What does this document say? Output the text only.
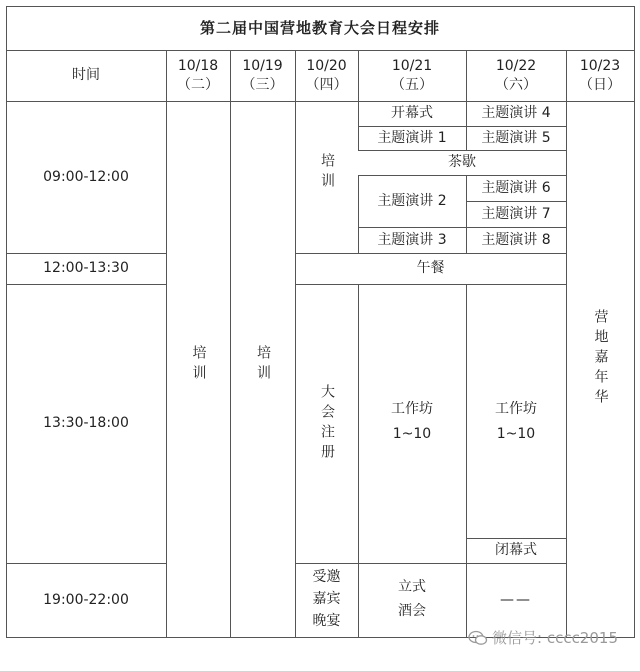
第二届中国营地教育大会日程安排
时间
10/18
（二）
10/19
（三）
10/20
（四）
10/21
（五）
10/22
（六）
10/23
（日）
09:00-12:00
12:00-13:30
13:30-18:00
19:00-22:00
培训	培训
培训
开幕式
主题演讲 1
茶歇
主题演讲 2
主题演讲 3
主题演讲 4
主题演讲 5
主题演讲 6
主题演讲 7
主题演讲 8
午餐
大会注册	工作坊
1~10
工作坊
1~10
闭幕式
营地嘉年华
受邀
嘉宾
晚宴
立式
酒会
——
微信号: cccc2015
